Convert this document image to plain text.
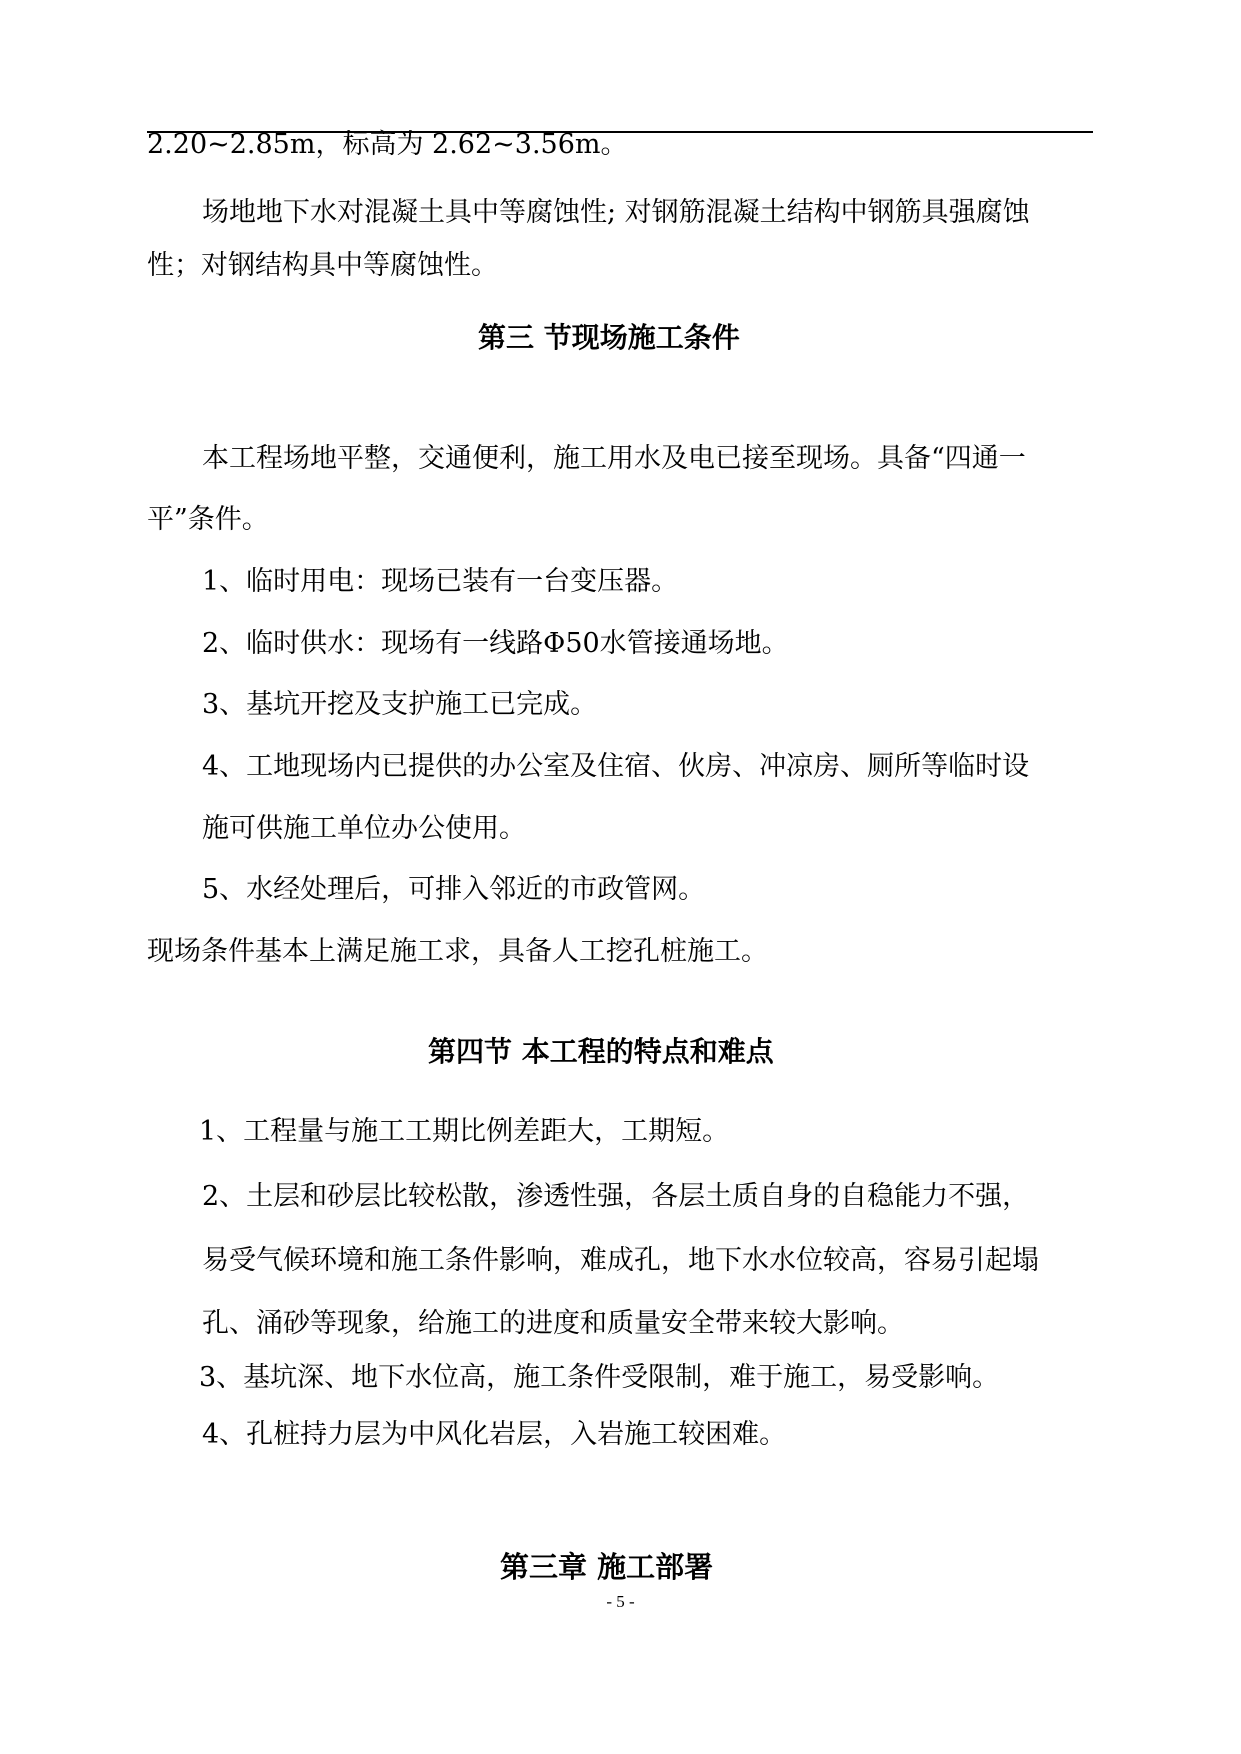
2.20~2.85m，标高为 2.62~3.56m。
场地地下水对混凝土具中等腐蚀性; 对钢筋混凝土结构中钢筋具强腐蚀
性；对钢结构具中等腐蚀性。
第三 节现场施工条件
本工程场地平整，交通便利，施工用水及电已接至现场。具备“四通一
平”条件。
1、临时用电：现场已装有一台变压器。
2、临时供水：现场有一线路Φ50水管接通场地。
3、基坑开挖及支护施工已完成。
4、工地现场内已提供的办公室及住宿、伙房、冲凉房、厕所等临时设
施可供施工单位办公使用。
5、水经处理后，可排入邻近的市政管网。
现场条件基本上满足施工求，具备人工挖孔桩施工。
第四节 本工程的特点和难点
1、工程量与施工工期比例差距大，工期短。
2、土层和砂层比较松散，渗透性强，各层土质自身的自稳能力不强，
易受气候环境和施工条件影响，难成孔，地下水水位较高，容易引起塌
孔、涌砂等现象，给施工的进度和质量安全带来较大影响。
3、基坑深、地下水位高，施工条件受限制，难于施工，易受影响。
4、孔桩持力层为中风化岩层，入岩施工较困难。
第三章 施工部署
- 5 -
